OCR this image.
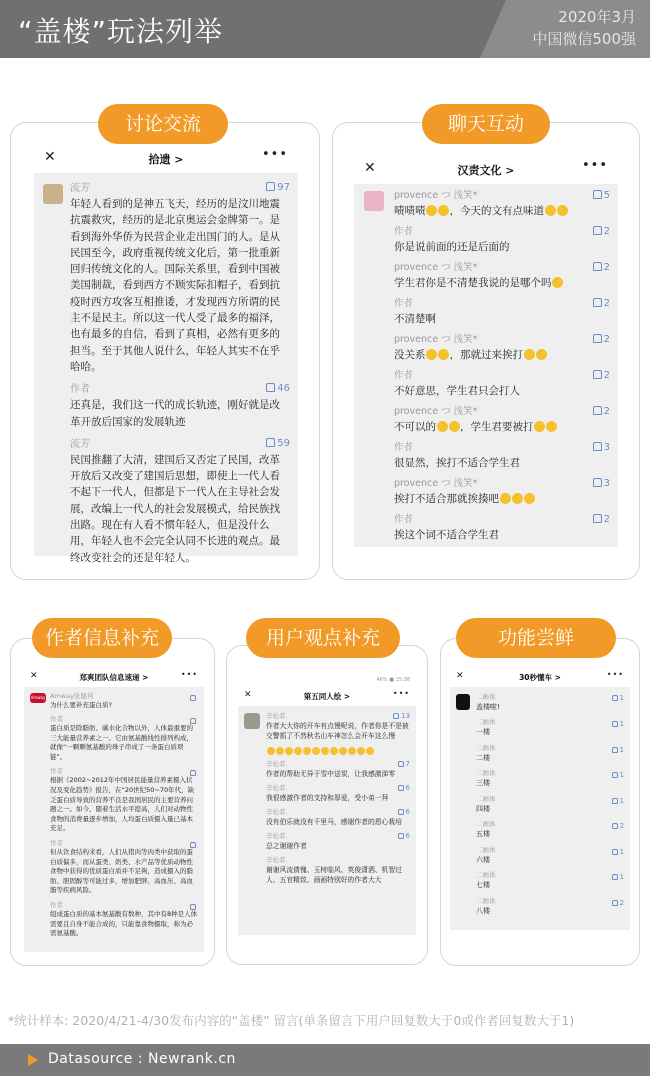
“盖楼”玩法列举	2020年3月
中国微信500强
讨论交流
✕	拾遗 >	•••
流芳	97
年轻人看到的是神五飞天，经历的是汶川地震抗震救灾，经历的是北京奥运会金牌第一。是看到海外华侨为民营企业走出国门的人。是从民国至今，政府重视传统文化后，第一批重新回归传统文化的人。国际关系里，看到中国被美国制裁，看到西方不顾实际扣帽子，看到抗疫时西方攻客互相推诿，才发现西方所谓的民主不是民主。所以这一代人受了最多的福泽，也有最多的自信，看到了真相，必然有更多的担当。至于其他人说什么，年轻人其实不在乎哈哈。
作者	46
还真是，我们这一代的成长轨迹，刚好就是改革开放后国家的发展轨迹
流芳	59
民国推翻了大清，建国后又否定了民国，改革开放后又改变了建国后思想，即使上一代人看不起下一代人，但都是下一代人在主导社会发展，改编上一代人的社会发展模式，给民族找出路。现在有人看不惯年轻人，但是没什么用，年轻人也不会完全认同不长进的观点。最终改变社会的还是年轻人。
聊天互动
✕	汉责文化 >	•••
provence つ 浅笑*	5
啧啧啧 ，今天的文有点味道
作者	2
你是说前面的还是后面的
provence つ 浅笑*	2
学生君你是不清楚我说的是哪个吗
作者	2
不清楚啊
provence つ 浅笑*	2
没关系 ，那就过来挨打
作者	2
不好意思，学生君只会打人
provence つ 浅笑*	2
不可以的 ，学生君要被打
作者	3
很显然，挨打不适合学生君
provence つ 浅笑*	3
挨打不适合那就挨揍吧
作者	2
挨这个词不适合学生君
作者信息补充
✕	郑爽团队信息速递 >	•••
Amway Amway张健利
为什么要补充蛋白质?
作者
蛋白质是除脂肪、碳水化合物以外，人体最重要的三大能量营养素之一。它由氨基酸线性排列构成，就像“一颗颗氨基酸的珠子串成了一条蛋白质项链”。
作者
根据《2002~2012年中国居民能量营养素摄入状况及变化趋势》报告，在“20世纪50~70年代，缺乏蛋白质导致的营养不良是我国居民的主要营养问题之一。如今，随着生活水平提高，人们对动物性食物的消费量逐步增加，人均蛋白质摄入量已基本充足。
作者
但从饮食结构来看，人们从猪肉等肉类中获取的蛋白质偏多，而从蛋类、奶类、水产品等优质动物性食物中获得的优质蛋白质并不足夠，造成摄入的脂肪、胆固醇等可能过多，增加肥胖、高血压、高血脂等疾病风险。
作者
组成蛋白质的基本氨基酸有数种，其中有8种是人体需要且自身不能合成的，只能靠食物摄取，称为必需氨基酸。
用户观点补充
46% ■ 15:38
✕	第五同人绘 >	•••
辛松者	13
作者大大你的开车有点慢呢说，作者你是不是被交警抓了不然秋名山车神怎么会开车这么慢
辛松者	7
作者的帮助无异于雪中送炭，让我感激涕零
辛松者	6
我很感激作者的支持和厚爱，受小弟一拜
辛松者	6
没有伯乐就没有千里马，感谢作者的恩心栽培
辛松者	6
总之谢谢作者
辛松者
谢谢风流倩傀、玉树临风、英俊潇洒、机智过人、五官精致、画画特别好的作者大大
功能尝鲜
✕	30秒懂车 >	•••
二画体	1
盖楼啦!
二画体	1
一楼
二画体	1
二楼
二画体	1
三楼
二画体	1
四楼
二画体	2
五楼
二画体	1
六楼
二画体	1
七楼
二画体	2
八楼
*统计样本: 2020/4/21-4/30发布内容的“盖楼” 留言(单条留言下用户回复数大于0或作者回复数大于1)
Datasource : Newrank.cn
